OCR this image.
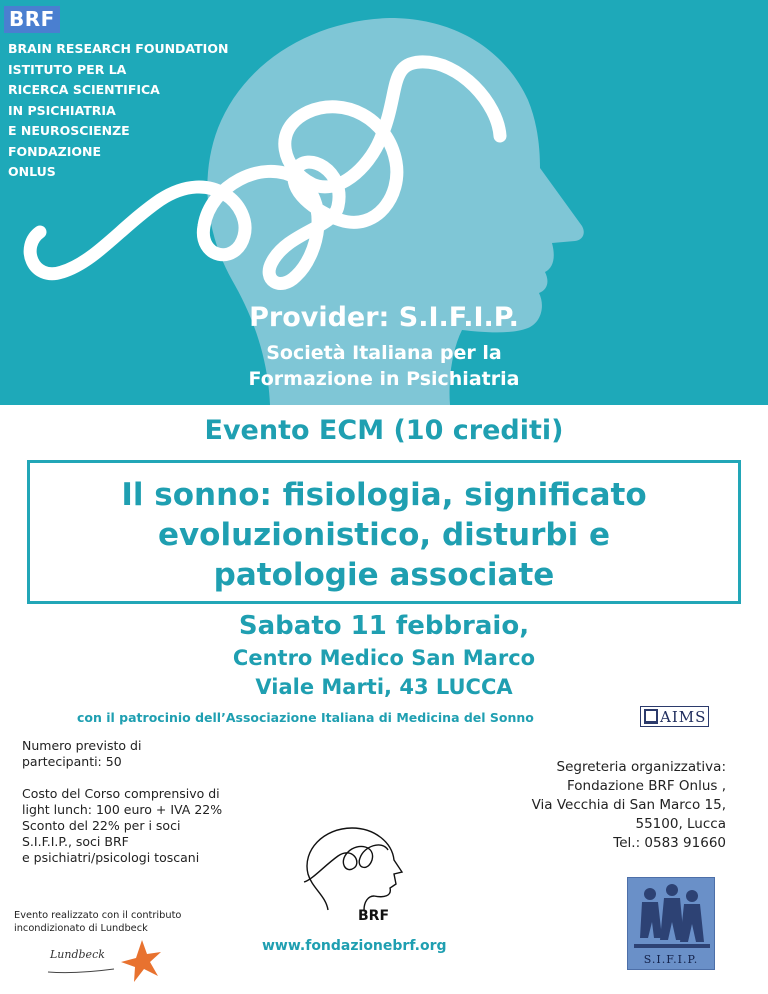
BRF
BRAIN RESEARCH FOUNDATION
ISTITUTO PER LA
RICERCA SCIENTIFICA
IN PSICHIATRIA
E NEUROSCIENZE
FONDAZIONE
ONLUS
Provider: S.I.F.I.P.
Società Italiana per la
Formazione in Psichiatria
Evento ECM (10 crediti)
Il sonno: fisiologia, significato
evoluzionistico, disturbi e
patologie associate
Sabato 11 febbraio,
Centro Medico San Marco
Viale Marti, 43 LUCCA
con il patrocinio dell’Associazione Italiana di Medicina del Sonno	AIMS
Numero previsto di
partecipanti: 50
Costo del Corso comprensivo di
light lunch: 100 euro + IVA 22%
Sconto del 22% per i soci
S.I.F.I.P., soci BRF
e psichiatri/psicologi toscani
Segreteria organizzativa:
Fondazione BRF Onlus ,
Via Vecchia di San Marco 15,
55100, Lucca
Tel.: 0583 91660
Evento realizzato con il contributo
incondizionato di Lundbeck
Lundbeck
BRF
www.fondazionebrf.org
S.I.F.I.P.
